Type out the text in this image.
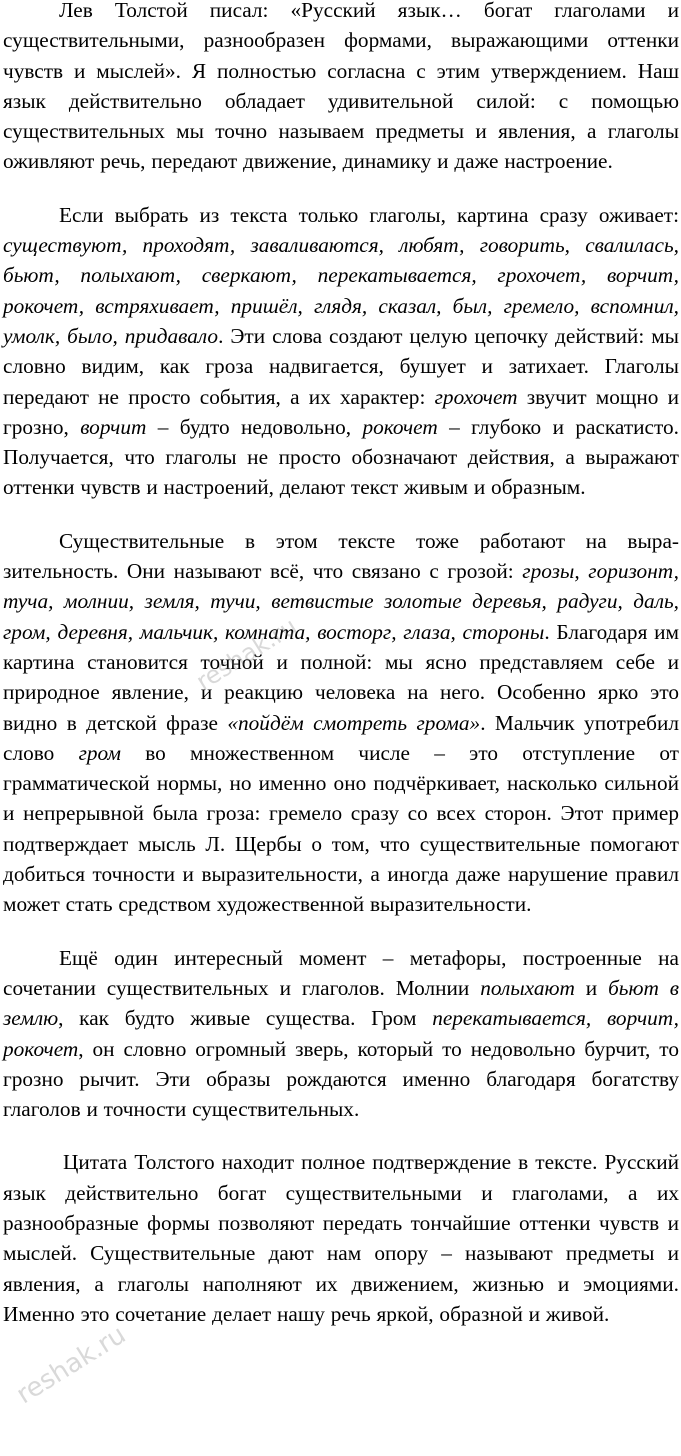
Лев Толстой писал: «Русский язык… богат глаголами и существительными, разнообразен формами, выражающими оттенки чувств и мыслей». Я полностью согласна с этим утверждением. Наш язык действительно обладает удивительной силой: с помощью существительных мы точно называем предметы и явления, а глаголы оживляют речь, передают движение, динамику и даже настроение.

Если выбрать из текста только глаголы, картина сразу оживает: существуют, проходят, заваливаются, любят, говорить, свалилась, бьют, полыхают, сверкают, перекатывается, грохочет, ворчит, рокочет, встряхивает, пришёл, глядя, сказал, был, гремело, вспомнил, умолк, было, придавало. Эти слова создают целую цепочку действий: мы словно видим, как гроза надвигается, бушует и затихает. Глаголы передают не просто события, а их характер: грохочет звучит мощно и грозно, ворчит – будто недовольно, рокочет – глубоко и раскатисто. Получается, что глаголы не просто обозначают действия, а выражают оттенки чувств и настроений, делают текст живым и образным.

Существительные в этом тексте тоже работают на выразительность. Они называют всё, что связано с грозой: грозы, горизонт, туча, молнии, земля, тучи, ветвистые золотые деревья, радуги, даль, гром, деревня, мальчик, комната, восторг, глаза, стороны. Благодаря им картина становится точной и полной: мы ясно представляем себе и природное явление, и реакцию человека на него. Особенно ярко это видно в детской фразе «пойдём смотреть грома». Мальчик употребил слово гром во множественном числе – это отступление от грамматической нормы, но именно оно подчёркивает, насколько сильной и непрерывной была гроза: гремело сразу со всех сторон. Этот пример подтверждает мысль Л. Щербы о том, что существительные помогают добиться точности и выразительности, а иногда даже нарушение правил может стать средством художественной выразительности.

Ещё один интересный момент – метафоры, построенные на сочетании существительных и глаголов. Молнии полыхают и бьют в землю, как будто живые существа. Гром перекатывается, ворчит, рокочет, он словно огромный зверь, который то недовольно бурчит, то грозно рычит. Эти образы рождаются именно благодаря богатству глаголов и точности существительных.

Цитата Толстого находит полное подтверждение в тексте. Русский язык действительно богат существительными и глаголами, а их разнообразные формы позволяют передать тончайшие оттенки чувств и мыслей. Существительные дают нам опору – называют предметы и явления, а глаголы наполняют их движением, жизнью и эмоциями. Именно это сочетание делает нашу речь яркой, образной и живой.

reshak.ru
reshak.ru
